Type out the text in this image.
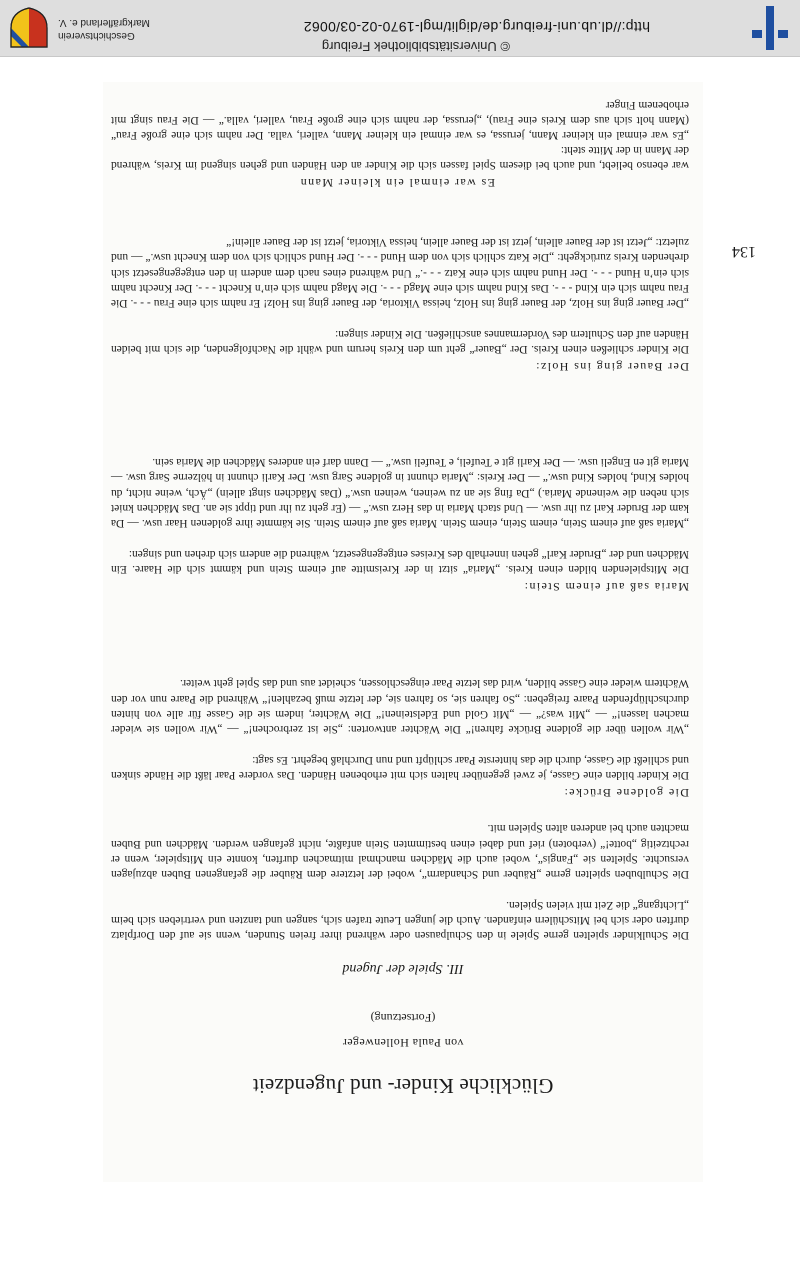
Glückliche Kinder- und Jugendzeit
von Paula Hollenweger
(Fortsetzung)
III. Spiele der Jugend
Die Schulkinder spielten gerne Spiele in den Schulpausen oder während ihrer freien Stunden, wenn sie auf den Dorfplatz durften oder sich bei Mitschülern einfanden. Auch die jungen Leute trafen sich, sangen und tanzten und vertrieben sich beim „Lichtgang“ die Zeit mit vielen Spielen.
Die Schulbuben spielten gerne „Räuber und Schandarm“, wobei der letztere dem Räuber die gefangenen Buben abzujagen versuchte. Spielten sie „Fangis“, wobei auch die Mädchen manchmal mitmachen durften, konnte ein Mitspieler, wenn er rechtzeitig „botte!“ (verboten) rief und dabei einen bestimmten Stein anfaßte, nicht gefangen werden. Mädchen und Buben machten auch bei anderen alten Spielen mit.
Die goldene Brücke:
Die Kinder bilden eine Gasse, je zwei gegenüber halten sich mit erhobenen Händen. Das vordere Paar läßt die Hände sinken und schließt die Gasse, durch die das hinterste Paar schlüpft und nun Durchlaß begehrt. Es sagt:
„Wir wollen über die goldene Brücke fahren!“ Die Wächter antworten: „Sie ist zerbrochen!“ — „Wir wollen sie wieder machen lassen!“ — „Mit was?“ — „Mit Gold und Edelsteinen!“ Die Wächter, indem sie die Gasse für alle von hinten durchschlüpfenden Paare freigeben: „So fahren sie, so fahren sie, der letzte muß bezahlen!“ Während die Paare nun vor den Wächtern wieder eine Gasse bilden, wird das letzte Paar eingeschlossen, scheidet aus und das Spiel geht weiter.
Maria saß auf einem Stein:
Die Mitspielenden bilden einen Kreis. „Maria“ sitzt in der Kreismitte auf einem Stein und kämmt sich die Haare. Ein Mädchen und der „Bruder Karl“ gehen innerhalb des Kreises entgegengesetzt, während die andern sich drehen und singen:
„Maria saß auf einem Stein, einem Stein, einem Stein. Maria saß auf einem Stein. Sie kämmte ihre goldenen Haar usw. — Da kam der Bruder Karl zu ihr usw. — Und stach Maria in das Herz usw.“ — (Er geht zu ihr und tippt sie an. Das Mädchen kniet sich neben die weinende Maria.) „Da fing sie an zu weinen, weinen usw.“ (Das Mädchen singt allein) „Äch, weine nicht, du holdes Kind, holdes Kind usw.“ — Der Kreis: „Maria chunnt in goldene Sarg usw. Der Karli chunnt in hölzerne Sarg usw. — Maria git en Engeli usw. — Der Karli git e Teufeli, e Teufeli usw.“ — Dann darf ein anderes Mädchen die Maria sein.
Der Bauer ging ins Holz:
Die Kinder schließen einen Kreis. Der „Bauer“ geht um den Kreis herum und wählt die Nachfolgenden, die sich mit beiden Händen auf den Schultern des Vordermannes anschließen. Die Kinder singen:
„Der Bauer ging ins Holz, der Bauer ging ins Holz, heissa Viktoria, der Bauer ging ins Holz! Er nahm sich eine Frau - - -. Die Frau nahm sich ein Kind - - -. Das Kind nahm sich eine Magd - - -. Die Magd nahm sich ein’n Knecht - - -. Der Knecht nahm sich ein’n Hund - - -. Der Hund nahm sich eine Katz - - -.“ Und während eines nach dem andern in den entgegengesetzt sich drehenden Kreis zurückgeht: „Die Katz schlich sich von dem Hund - - -. Der Hund schlich sich von dem Knecht usw.“ — und zuletzt: „Jetzt ist der Bauer allein, jetzt ist der Bauer allein, heissa Viktoria, jetzt ist der Bauer allein!“
Es war einmal ein kleiner Mann
war ebenso beliebt, und auch bei diesem Spiel fassen sich die Kinder an den Händen und gehen singend im Kreis, während der Mann in der Mitte steht:
„Es war einmal ein kleiner Mann, jerussa, es war einmal ein kleiner Mann, valleri, valla. Der nahm sich eine große Frau“ (Mann holt sich aus dem Kreis eine Frau), „jerussa, der nahm sich eine große Frau, valleri, valla.“ — Die Frau singt mit erhobenem Finger
Geschichtsverein
Markgräflerland e. V.
© Universitätsbibliothek Freiburg
http://dl.ub.uni-freiburg.de/diglit/mgl-1970-02-03/0062
134
